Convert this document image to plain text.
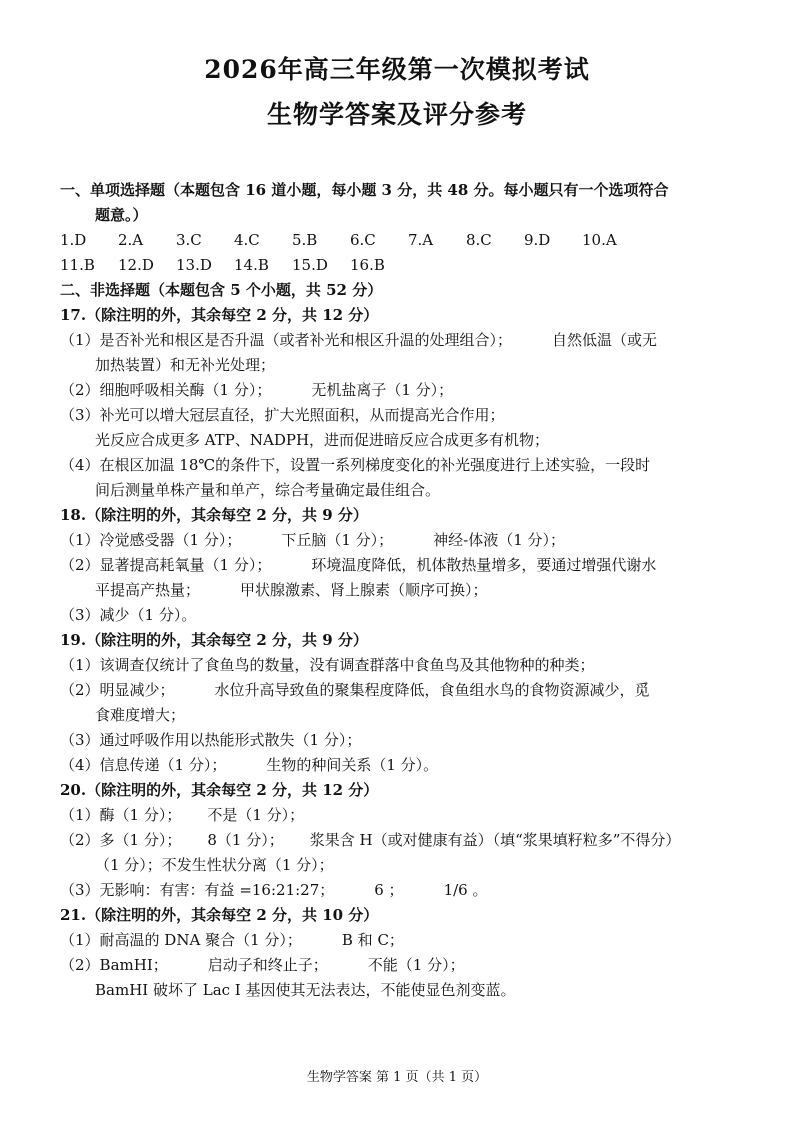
2026年高三年级第一次模拟考试
生物学答案及评分参考
一、单项选择题（本题包含 16 道小题，每小题 3 分，共 48 分。每小题只有一个选项符合
题意。）
1.D	2.A	3.C	4.C	5.B	6.C	7.A	8.C	9.D	10.A
11.B	12.D	13.D	14.B	15.D	16.B
二、非选择题（本题包含 5 个小题，共 52 分）
17.（除注明的外，其余每空 2 分，共 12 分）
（1）是否补光和根区是否升温（或者补光和根区升温的处理组合）；	自然低温（或无
加热装置）和无补光处理；
（2）细胞呼吸相关酶（1 分）；	无机盐离子（1 分）；
（3）补光可以增大冠层直径，扩大光照面积，从而提高光合作用；
光反应合成更多 ATP、NADPH，进而促进暗反应合成更多有机物；
（4）在根区加温 18℃的条件下，设置一系列梯度变化的补光强度进行上述实验，一段时
间后测量单株产量和单产，综合考量确定最佳组合。
18.（除注明的外，其余每空 2 分，共 9 分）
（1）冷觉感受器（1 分）；	下丘脑（1 分）；	神经-体液（1 分）；
（2）显著提高耗氧量（1 分）；	环境温度降低，机体散热量增多，要通过增强代谢水
平提高产热量；	甲状腺激素、肾上腺素（顺序可换）；
（3）减少（1 分）。
19.（除注明的外，其余每空 2 分，共 9 分）
（1）该调查仅统计了食鱼鸟的数量，没有调查群落中食鱼鸟及其他物种的种类；
（2）明显减少；	水位升高导致鱼的聚集程度降低，食鱼组水鸟的食物资源减少，觅
食难度增大；
（3）通过呼吸作用以热能形式散失（1 分）；
（4）信息传递（1 分）；	生物的种间关系（1 分）。
20.（除注明的外，其余每空 2 分，共 12 分）
（1）酶（1 分）； 不是（1 分）；
（2）多（1 分）； 8（1 分）； 浆果含 H（或对健康有益）（填“浆果填籽粒多”不得分）
（1 分）；不发生性状分离（1 分）；
（3）无影响：有害：有益 =16:21:27；	6 ；	1/6 。
21.（除注明的外，其余每空 2 分，共 10 分）
（1）耐高温的 DNA 聚合（1 分）；	B 和 C；
（2）BamHⅠ；	启动子和终止子；	不能（1 分）；
BamHI 破坏了 Lac I 基因使其无法表达，不能使显色剂变蓝。
生物学答案 第 1 页（共 1 页）
